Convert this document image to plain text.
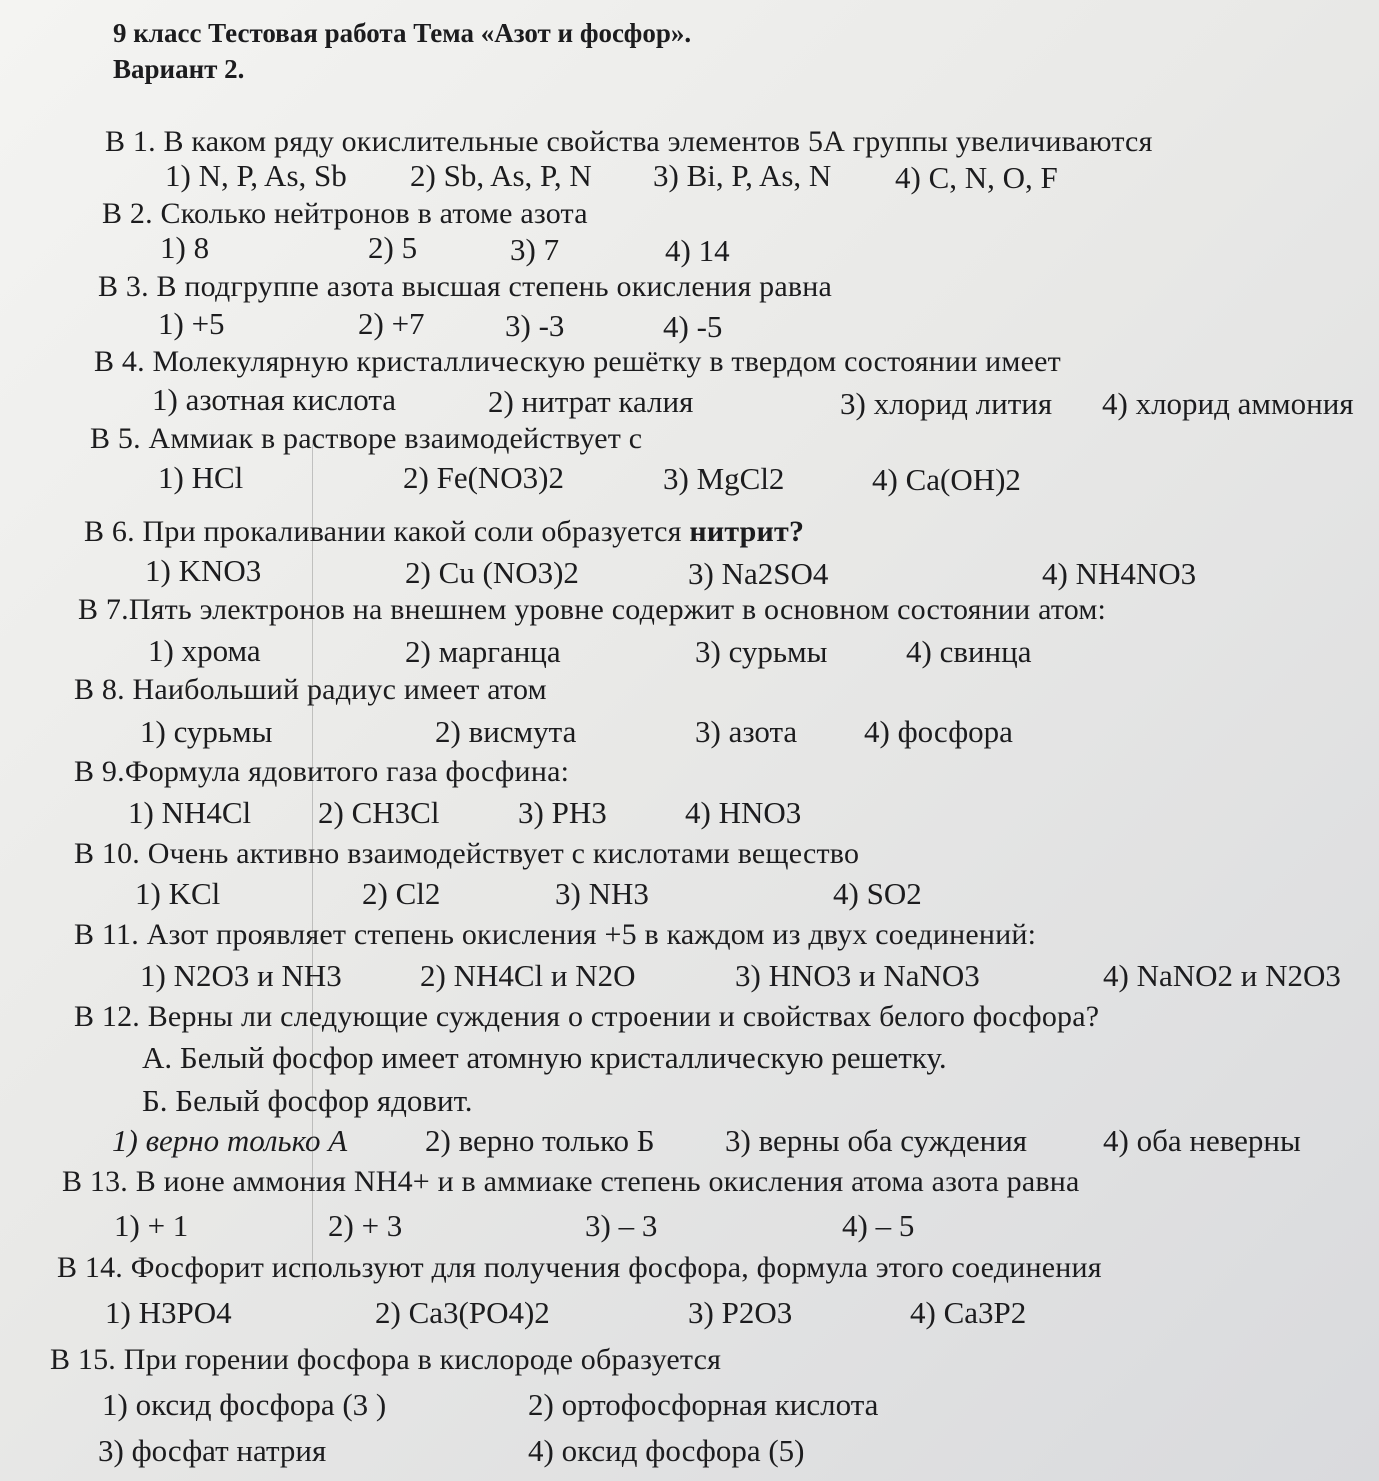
9 класс Тестовая работа Тема «Азот и фосфор».
Вариант 2.
В 1. В каком ряду окислительные свойства элементов 5А группы увеличиваются
1) N, P, As, Sb 2) Sb, As, P, N 3) Bi, P, As, N 4) C, N, O, F
В 2. Сколько нейтронов в атоме азота
1) 8	2) 5	3) 7	4) 14
В 3. В подгруппе азота высшая степень окисления равна
1) +5	2) +7	3) -3	4) -5
В 4. Молекулярную кристаллическую решётку в твердом состоянии имеет
1) азотная кислота	2) нитрат калия	3) хлорид лития 4) хлорид аммония
В 5. Аммиак в растворе взаимодействует с
1) HCl	2) Fe(NO3)2	3) MgCl2	4) Ca(OH)2
В 6. При прокаливании какой соли образуется нитрит?
1) KNO3	2) Cu (NO3)2	3) Na2SO4	4) NH4NO3
В 7.Пять электронов на внешнем уровне содержит в основном состоянии атом:
1) хрома	2) марганца	3) сурьмы	4) свинца
В 8. Наибольший радиус имеет атом
1) сурьмы	2) висмута	3) азота 4) фосфора
В 9.Формула ядовитого газа фосфина:
1) NH4Cl 2) CH3Cl	3) PH3	4) HNO3
В 10. Очень активно взаимодействует с кислотами вещество
1) KCl	2) Cl2	3) NH3	4) SO2
В 11. Азот проявляет степень окисления +5 в каждом из двух соединений:
1) N2O3 и NH3	2) NH4Cl и N2O	3) HNO3 и NaNO3	4) NaNO2 и N2O3
В 12. Верны ли следующие суждения о строении и свойствах белого фосфора?
А. Белый фосфор имеет атомную кристаллическую решетку.
Б. Белый фосфор ядовит.
1) верно только А	2) верно только Б 3) верны оба суждения 4) оба неверны
В 13. В ионе аммония NH4+ и в аммиаке степень окисления атома азота равна
1) + 1	2) + 3	3) – 3	4) – 5
В 14. Фосфорит используют для получения фосфора, формула этого соединения
1) H3PO4	2) Ca3(PO4)2	3) P2O3	4) Ca3P2
В 15. При горении фосфора в кислороде образуется
1) оксид фосфора (3 )	2) ортофосфорная кислота
3) фосфат натрия	4) оксид фосфора (5)
